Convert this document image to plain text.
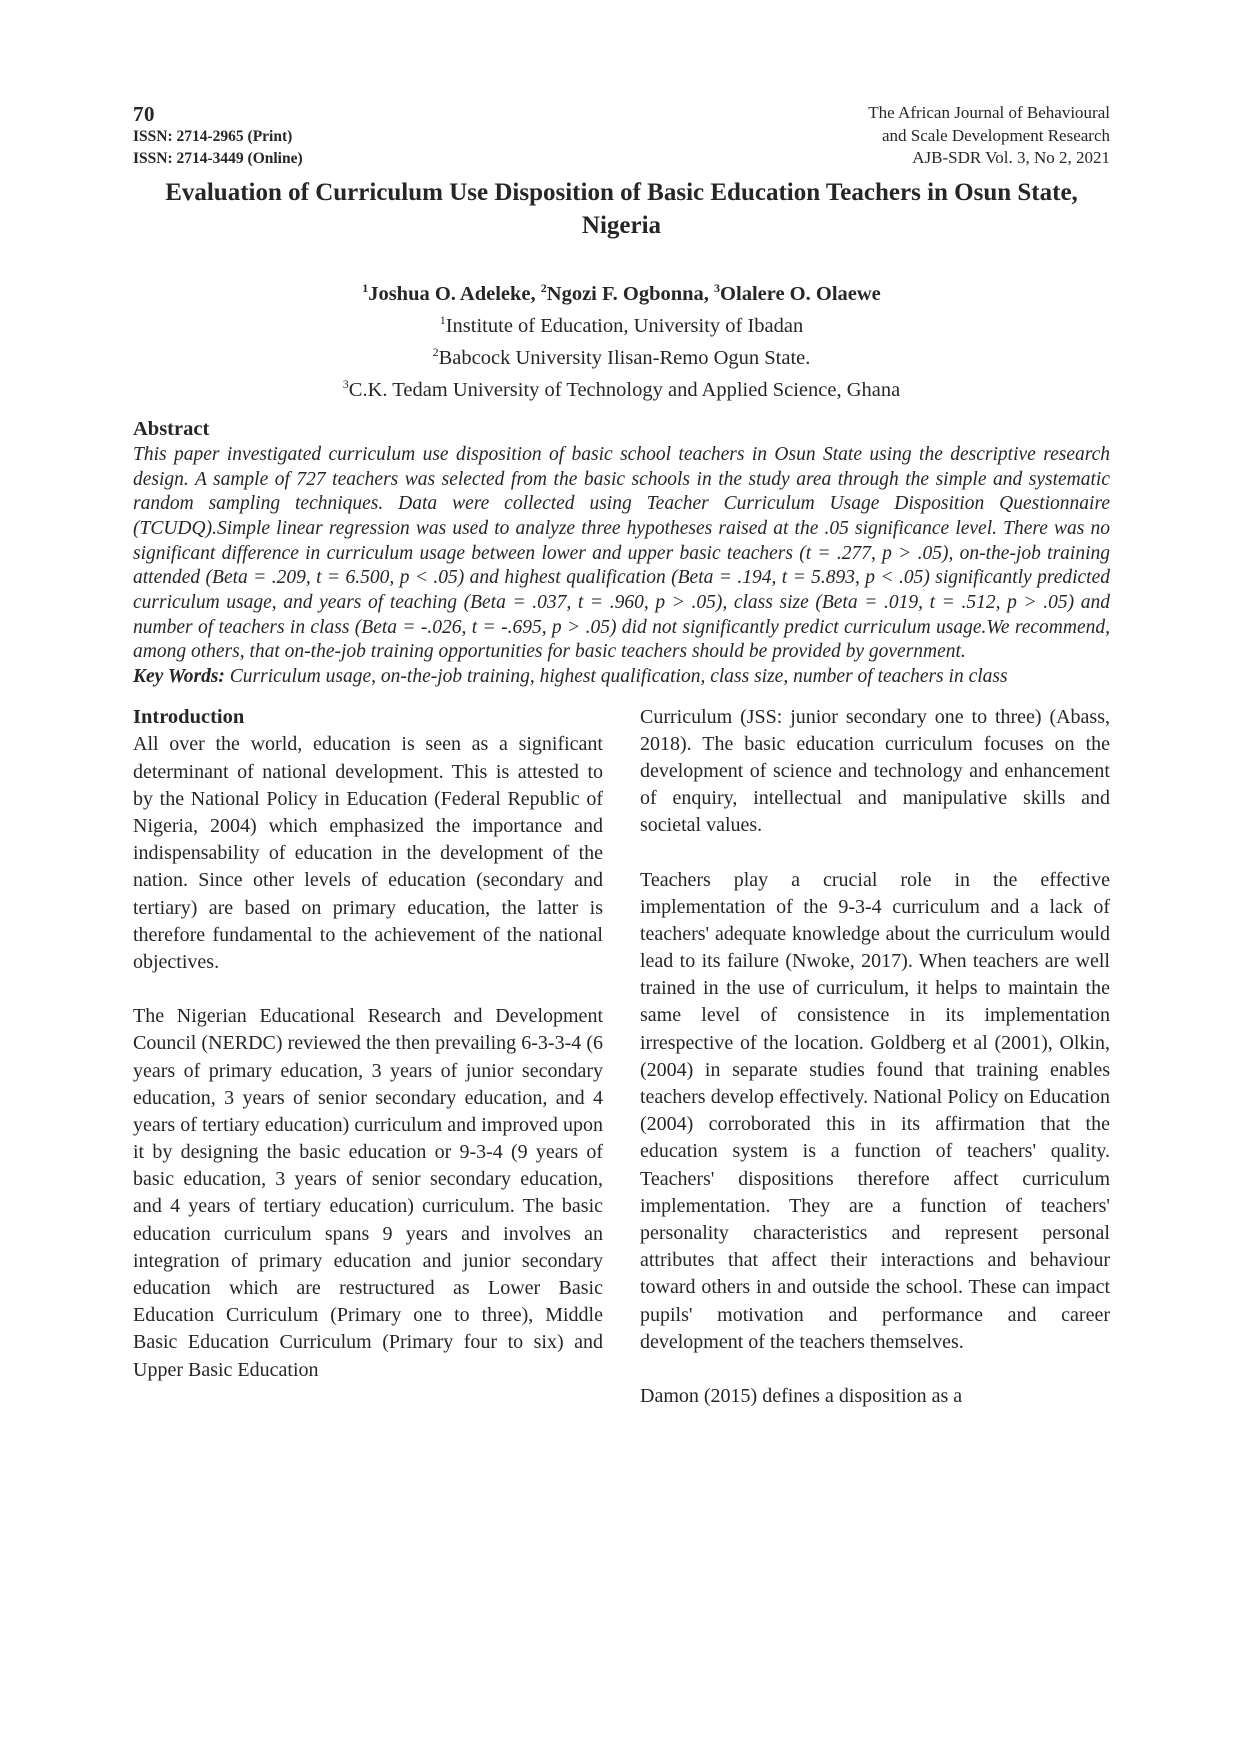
70
ISSN: 2714-2965 (Print)
ISSN: 2714-3449 (Online)
The African Journal of Behavioural
and Scale Development Research
AJB-SDR Vol. 3, No 2, 2021
Evaluation of Curriculum Use Disposition of Basic Education Teachers in Osun State, Nigeria
$^1$Joshua O. Adeleke, $^2$Ngozi F. Ogbonna, $^3$Olalere O. Olaewe
$^1$Institute of Education, University of Ibadan
$^2$Babcock University Ilisan-Remo Ogun State.
$^3$C.K. Tedam University of Technology and Applied Science, Ghana
Abstract

This paper investigated curriculum use disposition of basic school teachers in Osun State using the descriptive research design. A sample of 727 teachers was selected from the basic schools in the study area through the simple and systematic random sampling techniques. Data were collected using Teacher Curriculum Usage Disposition Questionnaire (TCUDQ).Simple linear regression was used to analyze three hypotheses raised at the .05 significance level. There was no significant difference in curriculum usage between lower and upper basic teachers (t = .277, p > .05), on-the-job training attended (Beta = .209, t = 6.500, p < .05) and highest qualification (Beta = .194, t = 5.893, p < .05) significantly predicted curriculum usage, and years of teaching (Beta = .037, t = .960, p > .05), class size (Beta = .019, t = .512, p > .05) and number of teachers in class (Beta = -.026, t = -.695, p > .05) did not significantly predict curriculum usage.We recommend, among others, that on-the-job training opportunities for basic teachers should be provided by government.

Key Words: Curriculum usage, on-the-job training, highest qualification, class size, number of teachers in class

Introduction

All over the world, education is seen as a significant determinant of national development. This is attested to by the National Policy in Education (Federal Republic of Nigeria, 2004) which emphasized the importance and indispensability of education in the development of the nation. Since other levels of education (secondary and tertiary) are based on primary education, the latter is therefore fundamental to the achievement of the national objectives.

The Nigerian Educational Research and Development Council (NERDC) reviewed the then prevailing 6-3-3-4 (6 years of primary education, 3 years of junior secondary education, 3 years of senior secondary education, and 4 years of tertiary education) curriculum and improved upon it by designing the basic education or 9-3-4 (9 years of basic education, 3 years of senior secondary education, and 4 years of tertiary education) curriculum. The basic education curriculum spans 9 years and involves an integration of primary education and junior secondary education which are restructured as Lower Basic Education Curriculum (Primary one to three), Middle Basic Education Curriculum (Primary four to six) and Upper Basic Education

Curriculum (JSS: junior secondary one to three) (Abass, 2018). The basic education curriculum focuses on the development of science and technology and enhancement of enquiry, intellectual and manipulative skills and societal values.

Teachers play a crucial role in the effective implementation of the 9-3-4 curriculum and a lack of teachers' adequate knowledge about the curriculum would lead to its failure (Nwoke, 2017). When teachers are well trained in the use of curriculum, it helps to maintain the same level of consistence in its implementation irrespective of the location. Goldberg et al (2001), Olkin, (2004) in separate studies found that training enables teachers develop effectively. National Policy on Education (2004) corroborated this in its affirmation that the education system is a function of teachers' quality. Teachers' dispositions therefore affect curriculum implementation. They are a function of teachers' personality characteristics and represent personal attributes that affect their interactions and behaviour toward others in and outside the school. These can impact pupils' motivation and performance and career development of the teachers themselves.

Damon (2015) defines a disposition as a
